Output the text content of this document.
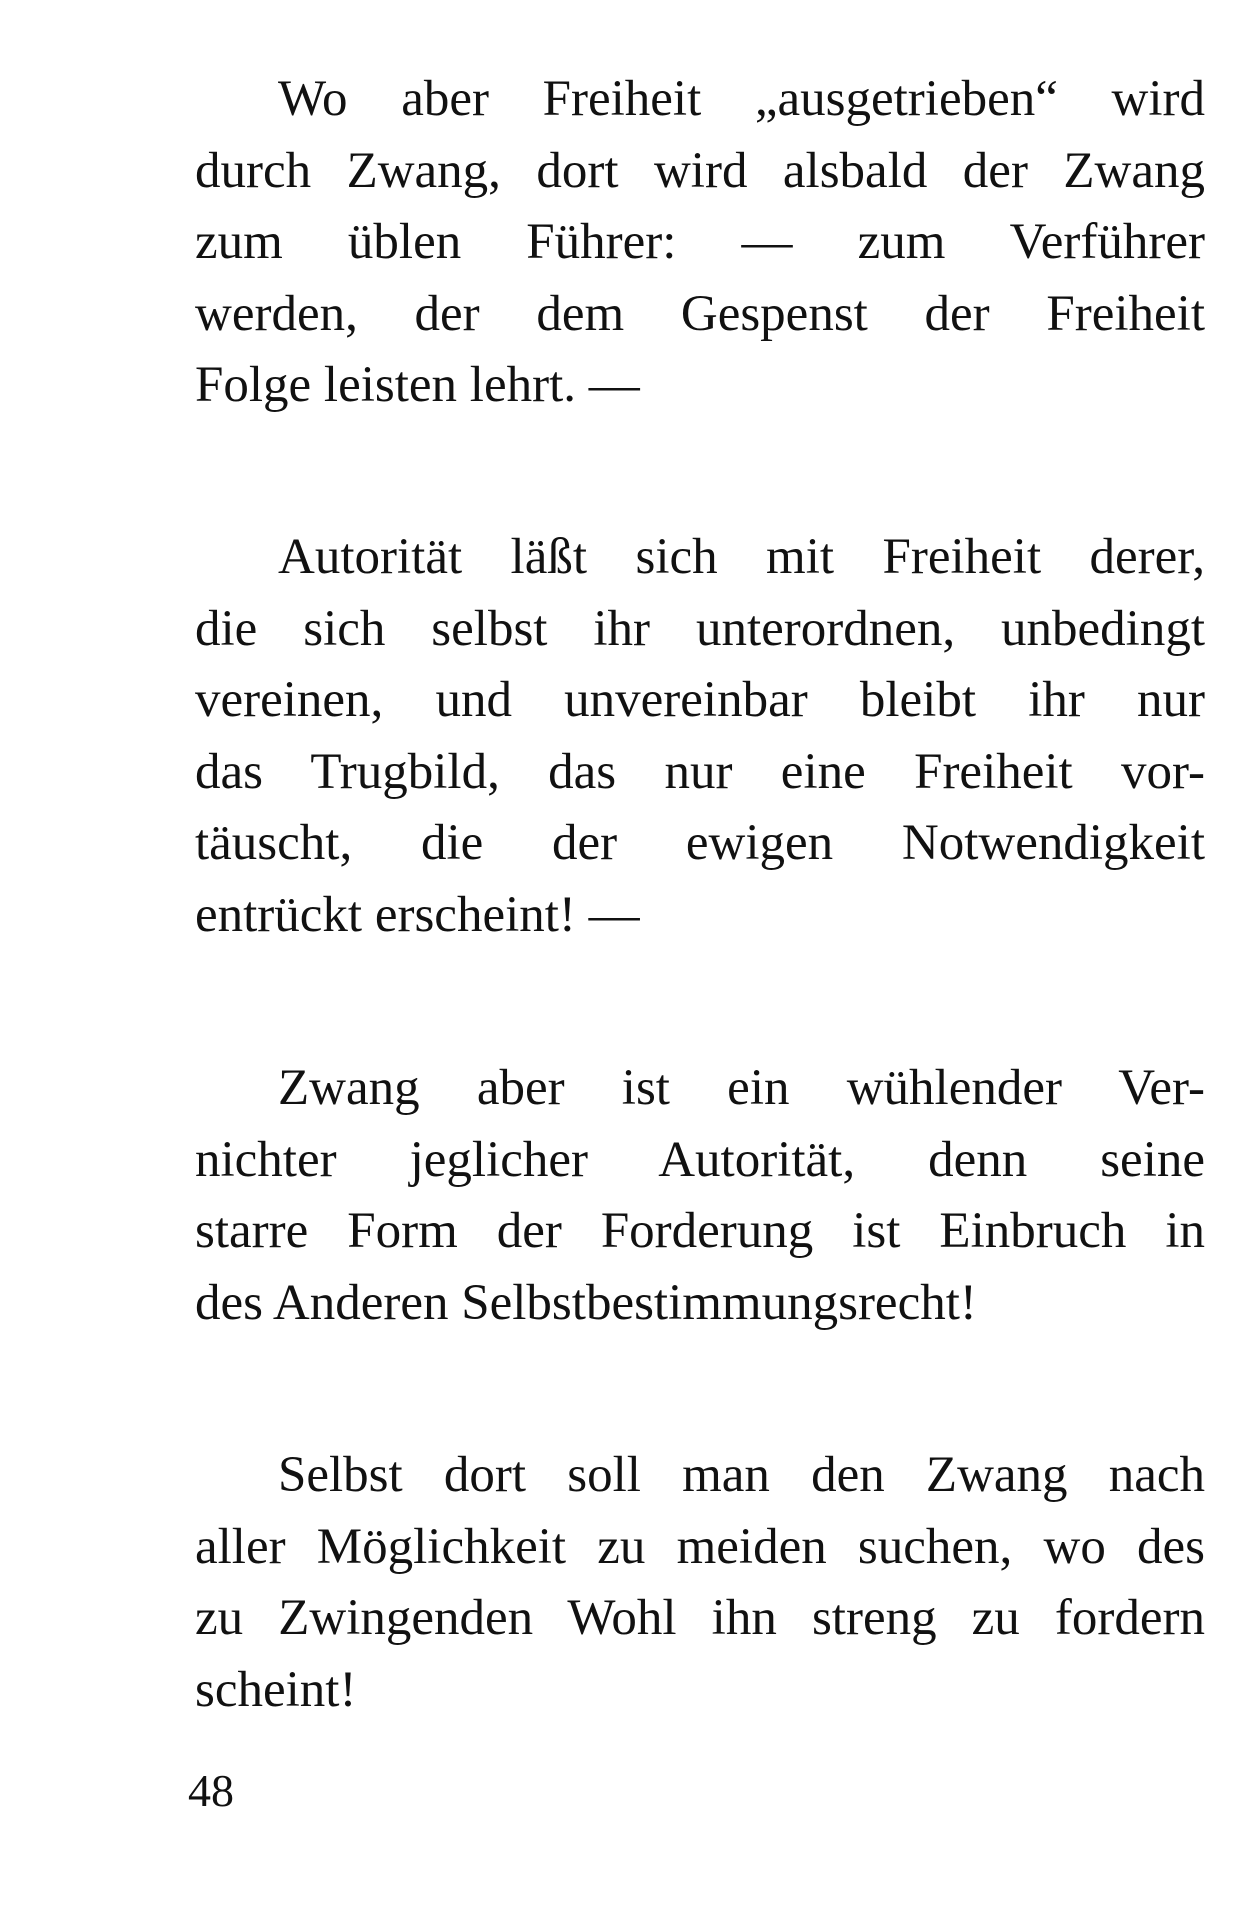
Wo aber Freiheit „ausgetrieben“ wird
durch Zwang, dort wird alsbald der Zwang
zum üblen Führer: — zum Verführer
werden, der dem Gespenst der Freiheit
Folge leisten lehrt. —
Autorität läßt sich mit Freiheit derer,
die sich selbst ihr unterordnen, unbedingt
vereinen, und unvereinbar bleibt ihr nur
das Trugbild, das nur eine Freiheit vor-
täuscht, die der ewigen Notwendigkeit
entrückt erscheint! —
Zwang aber ist ein wühlender Ver-
nichter jeglicher Autorität, denn seine
starre Form der Forderung ist Einbruch in
des Anderen Selbstbestimmungsrecht!
Selbst dort soll man den Zwang nach
aller Möglichkeit zu meiden suchen, wo des
zu Zwingenden Wohl ihn streng zu fordern
scheint!
48
